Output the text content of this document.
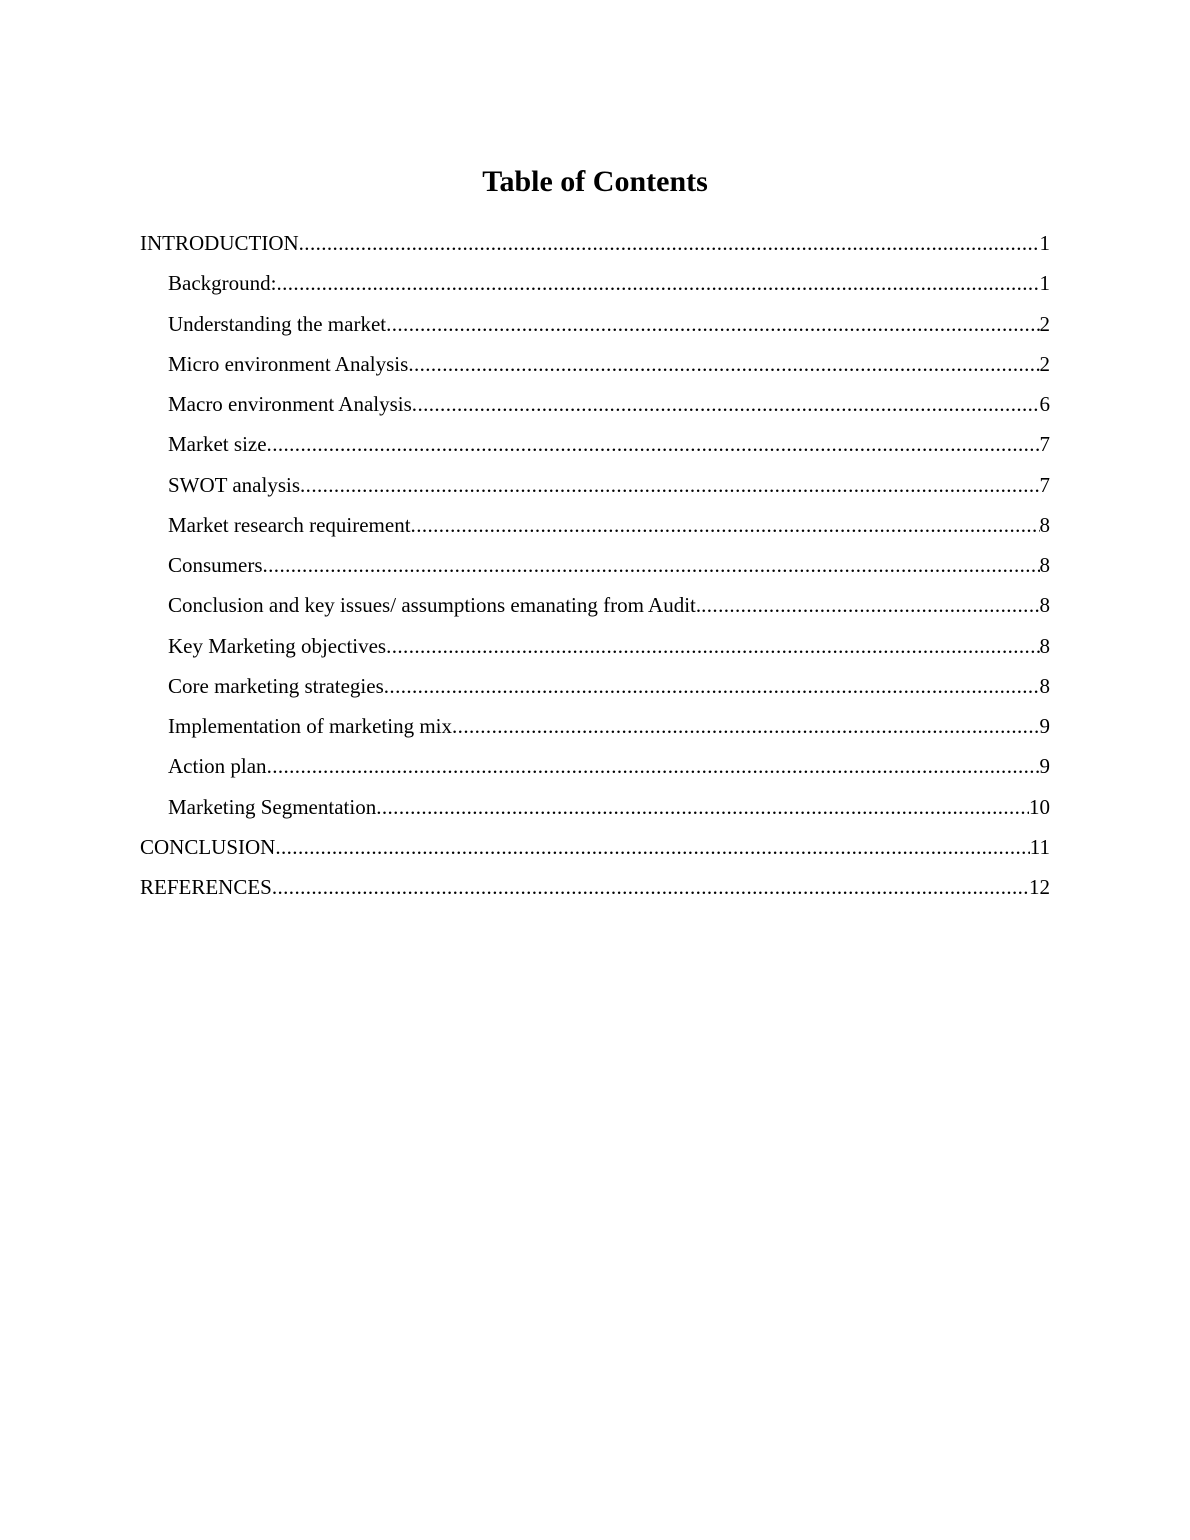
Table of Contents
INTRODUCTION .....	1
Background: .....	1
Understanding the market .....	2
Micro environment Analysis .....	2
Macro environment Analysis .....	6
Market size .....	7
SWOT analysis .....	7
Market research requirement .....	8
Consumers .....	8
Conclusion and key issues/ assumptions emanating from Audit. .....	8
Key Marketing objectives .....	8
Core marketing strategies .....	8
Implementation of marketing mix .....	9
Action plan .....	9
Marketing Segmentation .....	10
CONCLUSION .....	11
REFERENCES .....	12
